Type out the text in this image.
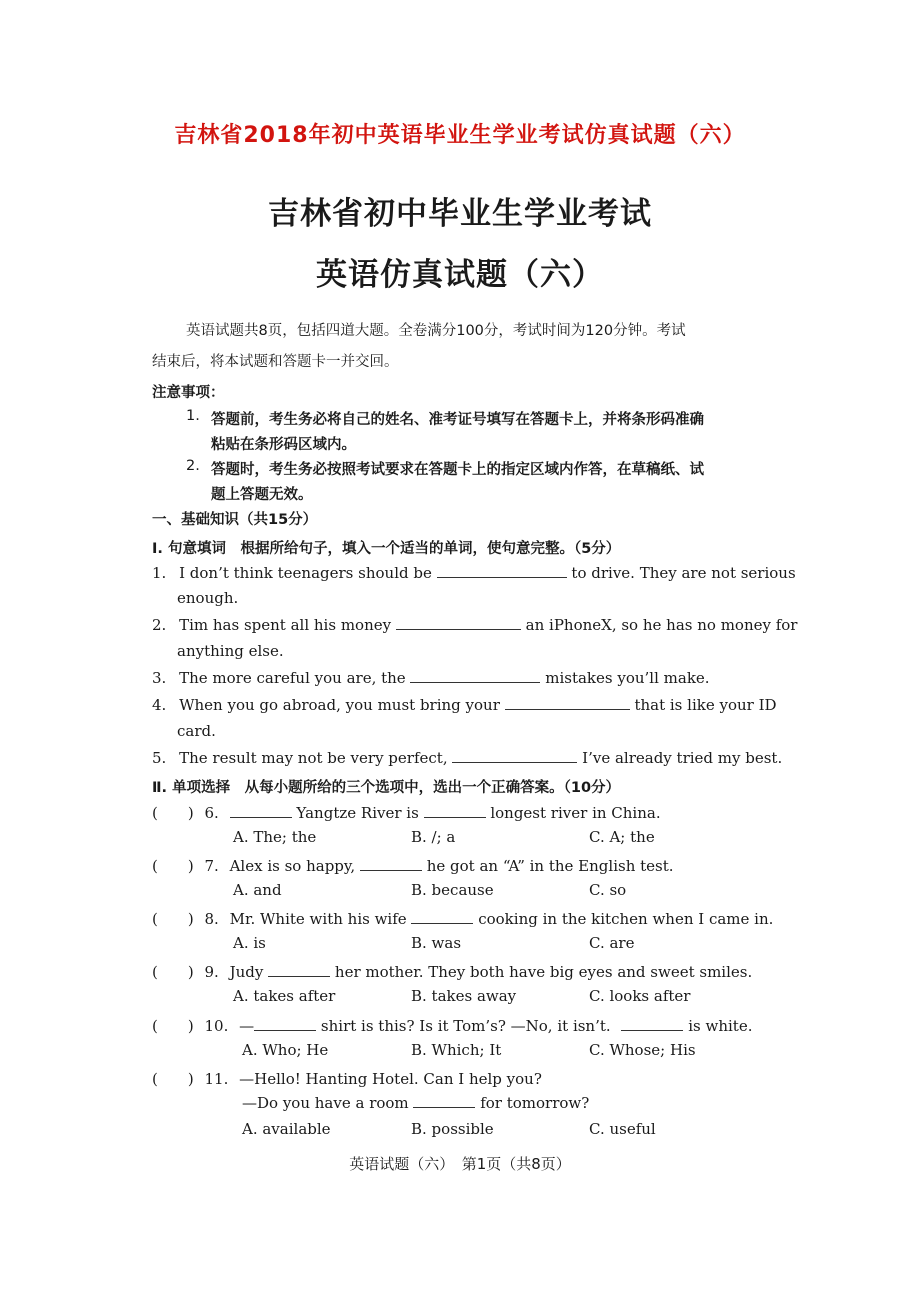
吉林省2018年初中英语毕业生学业考试仿真试题（六）
吉林省初中毕业生学业考试
英语仿真试题（六）
英语试题共8页，包括四道大题。全卷满分100分，考试时间为120分钟。考试
结束后，将本试题和答题卡一并交回。
注意事项：
1. 答题前，考生务必将自己的姓名、准考证号填写在答题卡上，并将条形码准确
粘贴在条形码区域内。
2. 答题时，考生务必按照考试要求在答题卡上的指定区域内作答，在草稿纸、试
题上答题无效。
一、基础知识（共15分）
Ⅰ. 句意填词　根据所给句子，填入一个适当的单词，使句意完整。（5分）
1. I don’t think teenagers should be	to drive. They are not serious
enough.
2. Tim has spent all his money	an iPhoneX, so he has no money for
anything else.
3. The more careful you are, the	mistakes you’ll make.
4. When you go abroad, you must bring your	that is like your ID
card.
5. The result may not be very perfect,	I’ve already tried my best.
Ⅱ. 单项选择　从每小题所给的三个选项中，选出一个正确答案。（10分）
(　　) 6.	Yangtze River is	longest river in China.
A. The; the	B. /; a	C. A; the
(　　) 7. Alex is so happy,	he got an “A” in the English test.
A. and	B. because	C. so
(　　) 8. Mr. White with his wife	cooking in the kitchen when I came in.
A. is	B. was	C. are
(　　) 9. Judy	her mother. They both have big eyes and sweet smiles.
A. takes after	B. takes away	C. looks after
(　　) 10. —	shirt is this? Is it Tom’s? —No, it isn’t.	is white.
A. Who; He	B. Which; It	C. Whose; His
(　　) 11. —Hello! Hanting Hotel. Can I help you?
—Do you have a room	for tomorrow?
A. available	B. possible	C. useful
英语试题（六）　第1页（共8页）
